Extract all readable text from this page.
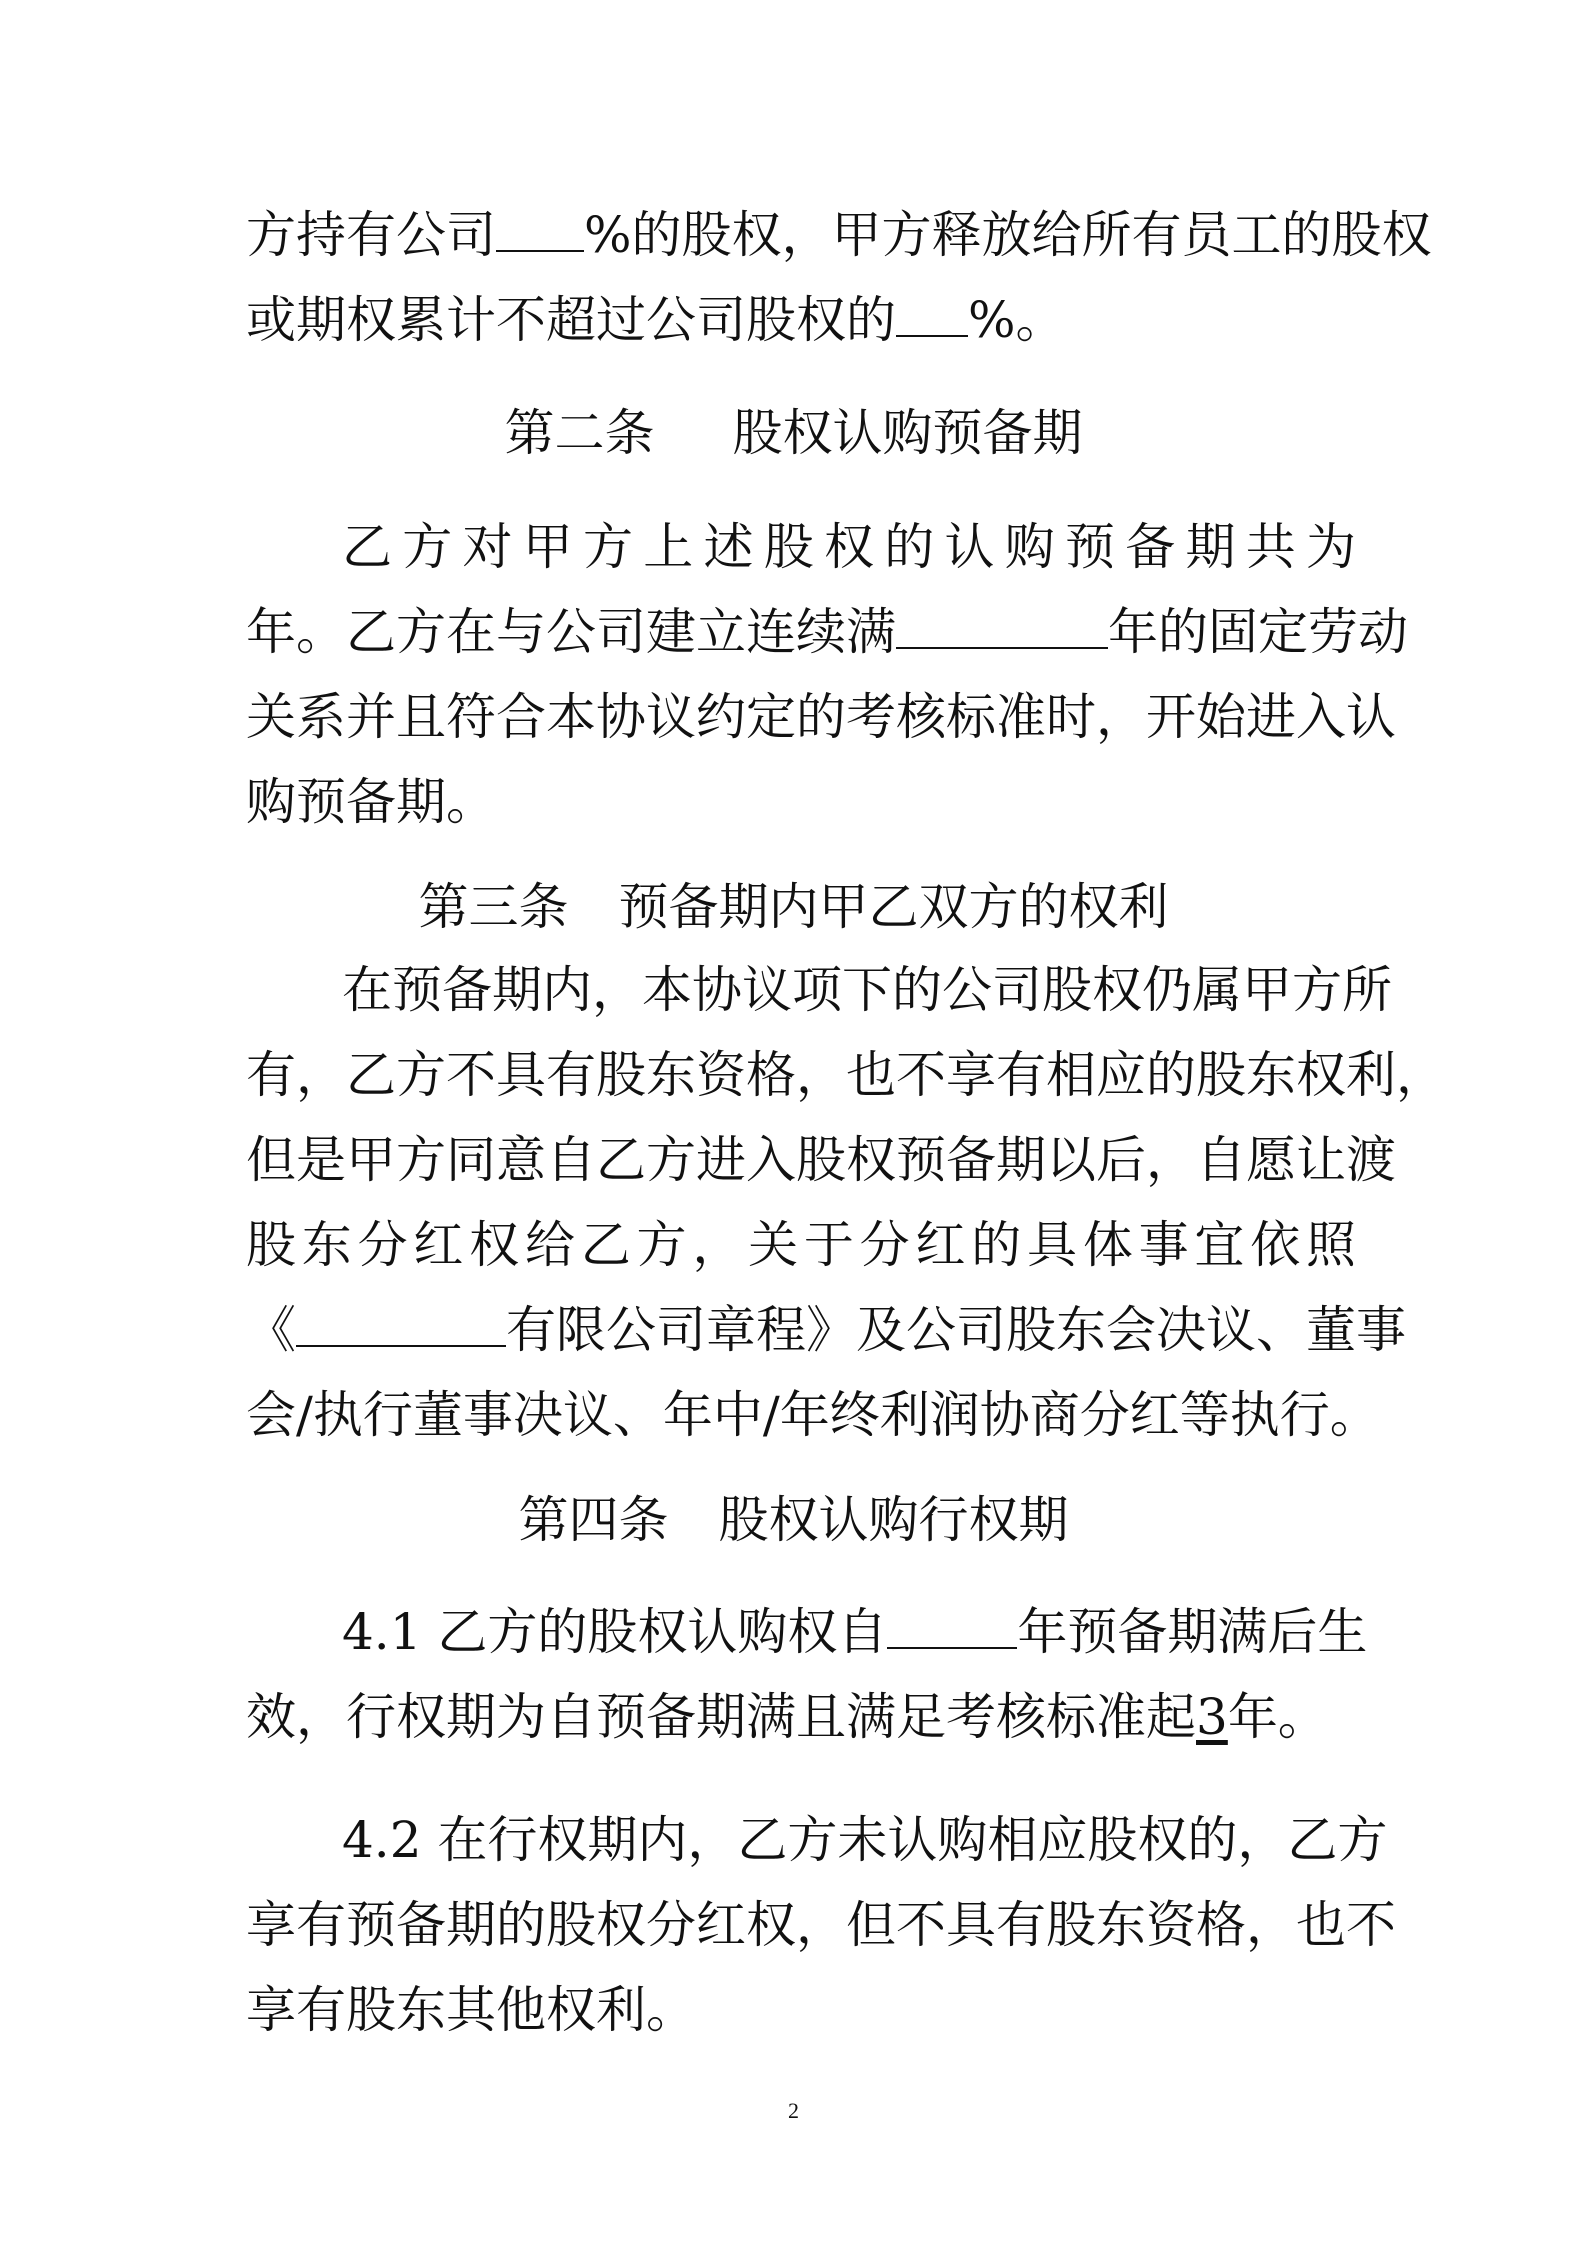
方持有公司 %的股权，甲方释放给所有员工的股权
或期权累计不超过公司股权的 %。
第二条 股权认购预备期
乙方对甲方上述股权的认购预备期共为
年。乙方在与公司建立连续满	年的固定劳动
关系并且符合本协议约定的考核标准时，开始进入认
购预备期。
第三条 预备期内甲乙双方的权利
在预备期内，本协议项下的公司股权仍属甲方所
有，乙方不具有股东资格，也不享有相应的股东权利，
但是甲方同意自乙方进入股权预备期以后，自愿让渡
股东分红权给乙方，关于分红的具体事宜依照
《	有限公司章程》及公司股东会决议、董事
会/执行董事决议、年中/年终利润协商分红等执行。
第四条 股权认购行权期
4.1 乙方的股权认购权自	年预备期满后生
效，行权期为自预备期满且满足考核标准起3年。
4.2 在行权期内，乙方未认购相应股权的，乙方
享有预备期的股权分红权，但不具有股东资格，也不
享有股东其他权利。
2
